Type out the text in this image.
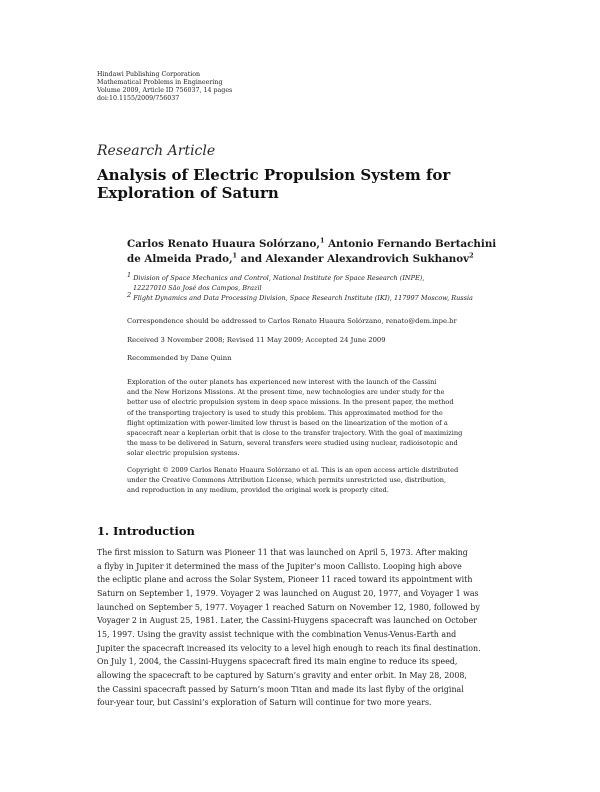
Hindawi Publishing Corporation
Mathematical Problems in Engineering
Volume 2009, Article ID 756037, 14 pages
doi:10.1155/2009/756037
Research Article
Analysis of Electric Propulsion System for
Exploration of Saturn
Carlos Renato Huaura Solórzano,$^1$ Antonio Fernando Bertachini
de Almeida Prado,$^1$ and Alexander Alexandrovich Sukhanov$^2$
$^1$ Division of Space Mechanics and Control, National Institute for Space Research (INPE),
12227010 São José dos Campos, Brazil
$^2$ Flight Dynamics and Data Processing Division, Space Research Institute (IKI), 117997 Moscow, Russia
Correspondence should be addressed to Carlos Renato Huaura Solórzano, renato@dem.inpe.br
Received 3 November 2008; Revised 11 May 2009; Accepted 24 June 2009
Recommended by Dane Quinn
Exploration of the outer planets has experienced new interest with the launch of the Cassini
and the New Horizons Missions. At the present time, new technologies are under study for the
better use of electric propulsion system in deep space missions. In the present paper, the method
of the transporting trajectory is used to study this problem. This approximated method for the
flight optimization with power-limited low thrust is based on the linearization of the motion of a
spacecraft near a keplerian orbit that is close to the transfer trajectory. With the goal of maximizing
the mass to be delivered in Saturn, several transfers were studied using nuclear, radioisotopic and
solar electric propulsion systems.
Copyright © 2009 Carlos Renato Huaura Solórzano et al. This is an open access article distributed
under the Creative Commons Attribution License, which permits unrestricted use, distribution,
and reproduction in any medium, provided the original work is properly cited.
1. Introduction
The first mission to Saturn was Pioneer 11 that was launched on April 5, 1973. After making
a flyby in Jupiter it determined the mass of the Jupiter’s moon Callisto. Looping high above
the ecliptic plane and across the Solar System, Pioneer 11 raced toward its appointment with
Saturn on September 1, 1979. Voyager 2 was launched on August 20, 1977, and Voyager 1 was
launched on September 5, 1977. Voyager 1 reached Saturn on November 12, 1980, followed by
Voyager 2 in August 25, 1981. Later, the Cassini-Huygens spacecraft was launched on October
15, 1997. Using the gravity assist technique with the combination Venus-Venus-Earth and
Jupiter the spacecraft increased its velocity to a level high enough to reach its final destination.
On July 1, 2004, the Cassini-Huygens spacecraft fired its main engine to reduce its speed,
allowing the spacecraft to be captured by Saturn’s gravity and enter orbit. In May 28, 2008,
the Cassini spacecraft passed by Saturn’s moon Titan and made its last flyby of the original
four-year tour, but Cassini’s exploration of Saturn will continue for two more years.
